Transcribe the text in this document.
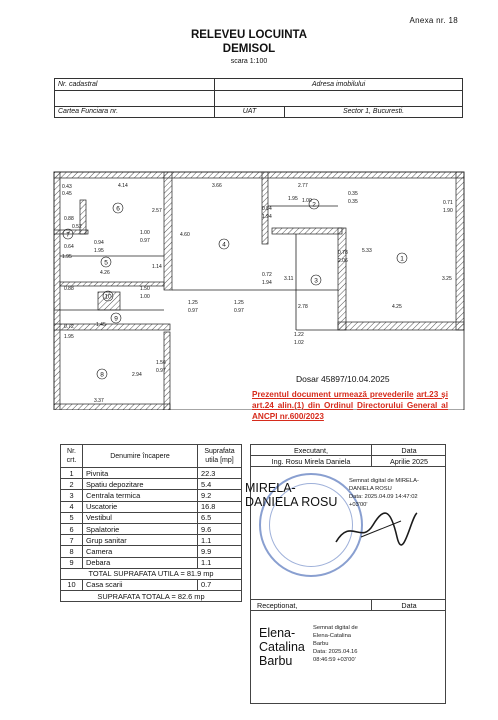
Anexa nr. 18
RELEVEU LOCUINTA
DEMISOL
scara 1:100
Nr. cadastral	Adresa imobilului	

Cartea Funciara nr.	UAT	Sector 1, Bucuresti.
0.43
0.45
4.14	3.66	2.77
0.35
0.35	0.71
1.90
0.88
0.52
0.64
1.95
2.57
1.00
0.97
0.94
1.95
4.60
0.84
1.94
1.95 1.00
0.78
2.06
5.33
3.25
4.26
1.14
0.72
1.94
3.11
0.88	1.50
1.00
1.25
0.97
1.25
0.97
2.78	4.25
0.72
1.95
1.45
1.22
1.02
1.56
0.97
2.94
3.37
1
2
3
4
5
6
7
8
9
10
Dosar 45897/10.04.2025
Prezentul document urmează prevederile art.23 și art.24 alin.(1) din Ordinul Directorului General al ANCPI nr.600/2023
Nr. crt.	Denumire încapere	Suprafata utila [mp]
1	Pivnita	22.3
2	Spatiu depozitare	5.4
3	Centrala termica	9.2
4	Uscatorie	16.8
5	Vestibul	6.5
6	Spalatorie	9.6
7	Grup sanitar	1.1
8	Camera	9.9
9	Debara	1.1
TOTAL SUPRAFATA UTILA = 81.9 mp		
10	Casa scarii	0.7
SUPRAFATA TOTALA = 82.6 mp		
Executant,	Data
Ing. Rosu Mirela Daniela	Aprilie 2025
MIRELA-
DANIELA ROSU
Semnat digital de MIRELA-
DANIELA ROSU
Data: 2025.04.09 14:47:02
+03'00'
Receptionat,	Data
Elena-
Catalina
Barbu
Semnat digital de
Elena-Catalina
Barbu
Data: 2025.04.16
08:46:59 +03'00'
